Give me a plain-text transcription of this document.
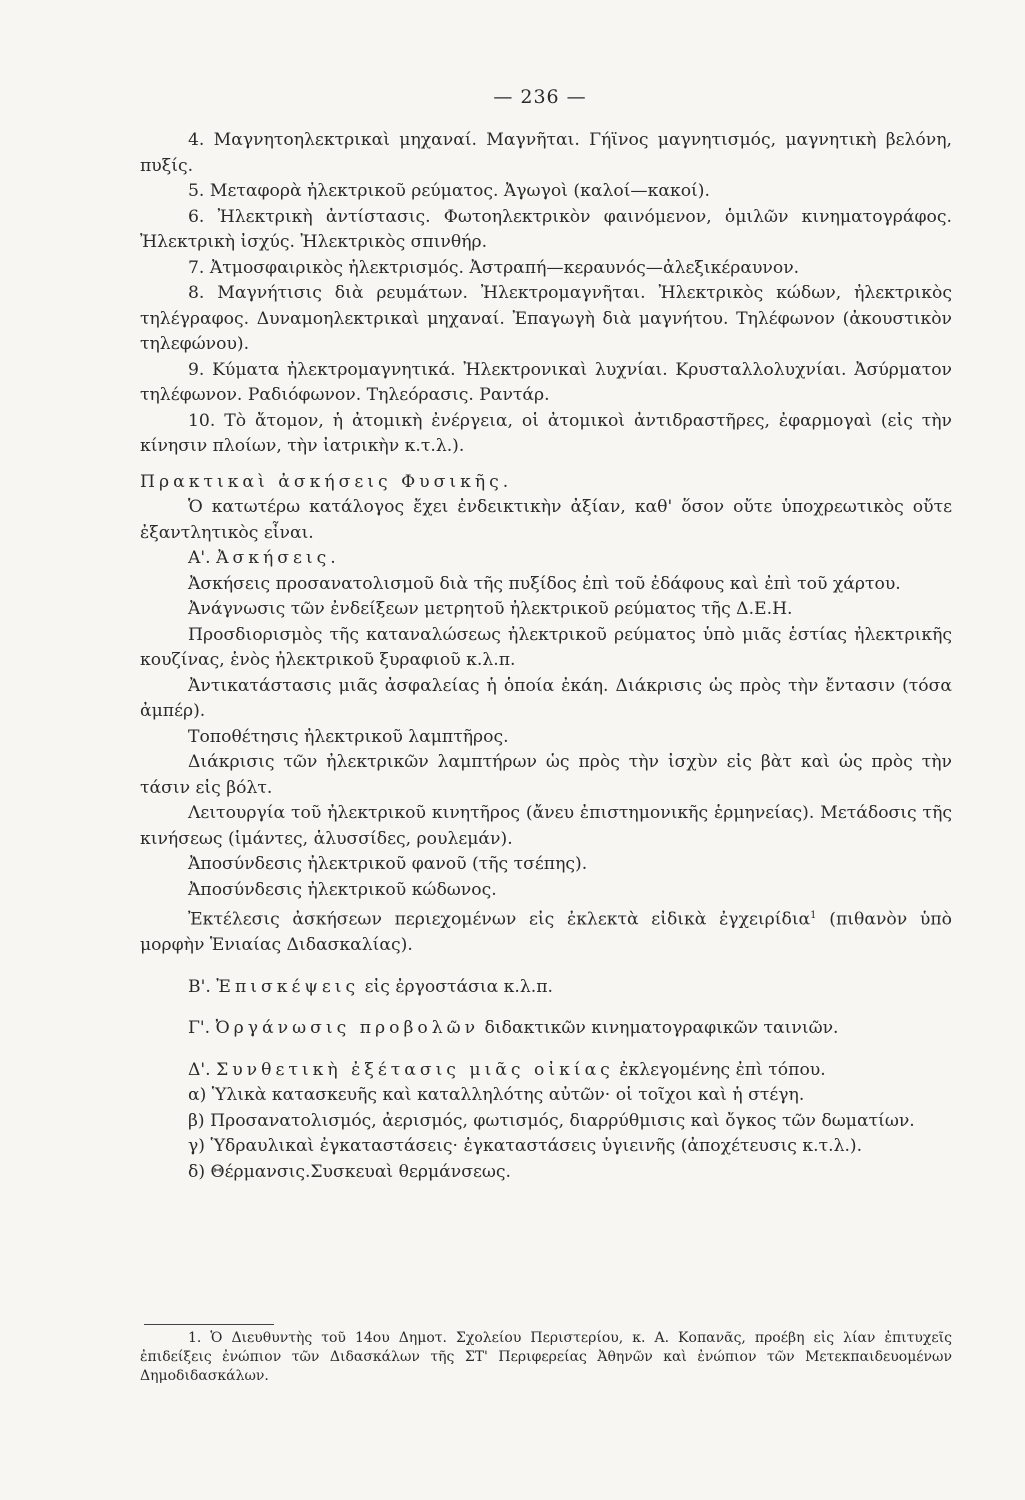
— 236 —

4. Μαγνητοηλεκτρικαὶ μηχαναί. Μαγνῆται. Γήϊνος μαγνητισμός, μαγνητικὴ βελόνη, πυξίς.

5. Μεταφορὰ ἠλεκτρικοῦ ρεύματος. Ἀγωγοὶ (καλοί—κακοί).

6. Ἠλεκτρικὴ ἀντίστασις. Φωτοηλεκτρικὸν φαινόμενον, ὁμιλῶν κινηματογράφος. Ἠλεκτρικὴ ἰσχύς. Ἠλεκτρικὸς σπινθήρ.

7. Ἀτμοσφαιρικὸς ἠλεκτρισμός. Ἀστραπή—κεραυνός—ἀλεξικέραυνον.

8. Μαγνήτισις διὰ ρευμάτων. Ἠλεκτρομαγνῆται. Ἠλεκτρικὸς κώδων, ἠλεκτρικὸς τηλέγραφος. Δυναμοηλεκτρικαὶ μηχαναί. Ἐπαγωγὴ διὰ μαγνήτου. Τηλέφωνον (ἀκουστικὸν τηλεφώνου).

9. Κύματα ἠλεκτρομαγνητικά. Ἠλεκτρονικαὶ λυχνίαι. Κρυσταλλολυχνίαι. Ἀσύρματον τηλέφωνον. Ραδιόφωνον. Τηλεόρασις. Ραντάρ.

10. Τὸ ἄτομον, ἡ ἀτομικὴ ἐνέργεια, οἱ ἀτομικοὶ ἀντιδραστῆρες, ἐφαρμογαὶ (εἰς τὴν κίνησιν πλοίων, τὴν ἰατρικὴν κ.τ.λ.).

Πρακτικαὶ ἀσκήσεις Φυσικῆς.

Ὁ κατωτέρω κατάλογος ἔχει ἐνδεικτικὴν ἀξίαν, καθ' ὅσον οὔτε ὑποχρεωτικὸς οὔτε ἐξαντλητικὸς εἶναι.

Α'. Ἀσκήσεις.

Ἀσκήσεις προσανατολισμοῦ διὰ τῆς πυξίδος ἐπὶ τοῦ ἐδάφους καὶ ἐπὶ τοῦ χάρτου.

Ἀνάγνωσις τῶν ἐνδείξεων μετρητοῦ ἠλεκτρικοῦ ρεύματος τῆς Δ.Ε.Η.

Προσδιορισμὸς τῆς καταναλώσεως ἠλεκτρικοῦ ρεύματος ὑπὸ μιᾶς ἑστίας ἠλεκτρικῆς κουζίνας, ἑνὸς ἠλεκτρικοῦ ξυραφιοῦ κ.λ.π.

Ἀντικατάστασις μιᾶς ἀσφαλείας ἡ ὁποία ἐκάη. Διάκρισις ὡς πρὸς τὴν ἔντασιν (τόσα ἀμπέρ).

Τοποθέτησις ἠλεκτρικοῦ λαμπτῆρος.

Διάκρισις τῶν ἠλεκτρικῶν λαμπτήρων ὡς πρὸς τὴν ἰσχὺν εἰς βὰτ καὶ ὡς πρὸς τὴν τάσιν εἰς βόλτ.

Λειτουργία τοῦ ἠλεκτρικοῦ κινητῆρος (ἄνευ ἐπιστημονικῆς ἑρμηνείας). Μετάδοσις τῆς κινήσεως (ἱμάντες, ἁλυσσίδες, ρουλεμάν).

Ἀποσύνδεσις ἠλεκτρικοῦ φανοῦ (τῆς τσέπης).

Ἀποσύνδεσις ἠλεκτρικοῦ κώδωνος.

Ἐκτέλεσις ἀσκήσεων περιεχομένων εἰς ἐκλεκτὰ εἰδικὰ ἐγχειρίδια$^1$ (πιθανὸν ὑπὸ μορφὴν Ἑνιαίας Διδασκαλίας).

Β'. Ἐπισκέψεις εἰς ἐργοστάσια κ.λ.π.

Γ'. Ὀργάνωσις προβολῶν διδακτικῶν κινηματογραφικῶν ταινιῶν.

Δ'. Συνθετικὴ ἐξέτασις μιᾶς οἰκίας ἐκλεγομένης ἐπὶ τόπου.

α) Ὑλικὰ κατασκευῆς καὶ καταλληλότης αὐτῶν· οἱ τοῖχοι καὶ ἡ στέγη.

β) Προσανατολισμός, ἀερισμός, φωτισμός, διαρρύθμισις καὶ ὄγκος τῶν δωματίων.

γ) Ὑδραυλικαὶ ἐγκαταστάσεις· ἐγκαταστάσεις ὑγιεινῆς (ἀποχέτευσις κ.τ.λ.).

δ) Θέρμανσις.Συσκευαὶ θερμάνσεως.

1. Ὁ Διευθυντὴς τοῦ 14ου Δημοτ. Σχολείου Περιστερίου, κ. Α. Κοπανᾶς, προέβη εἰς λίαν ἐπιτυχεῖς ἐπιδείξεις ἐνώπιον τῶν Διδασκάλων τῆς ΣΤ' Περιφερείας Ἀθηνῶν καὶ ἐνώπιον τῶν Μετεκπαιδευομένων Δημοδιδασκάλων.
